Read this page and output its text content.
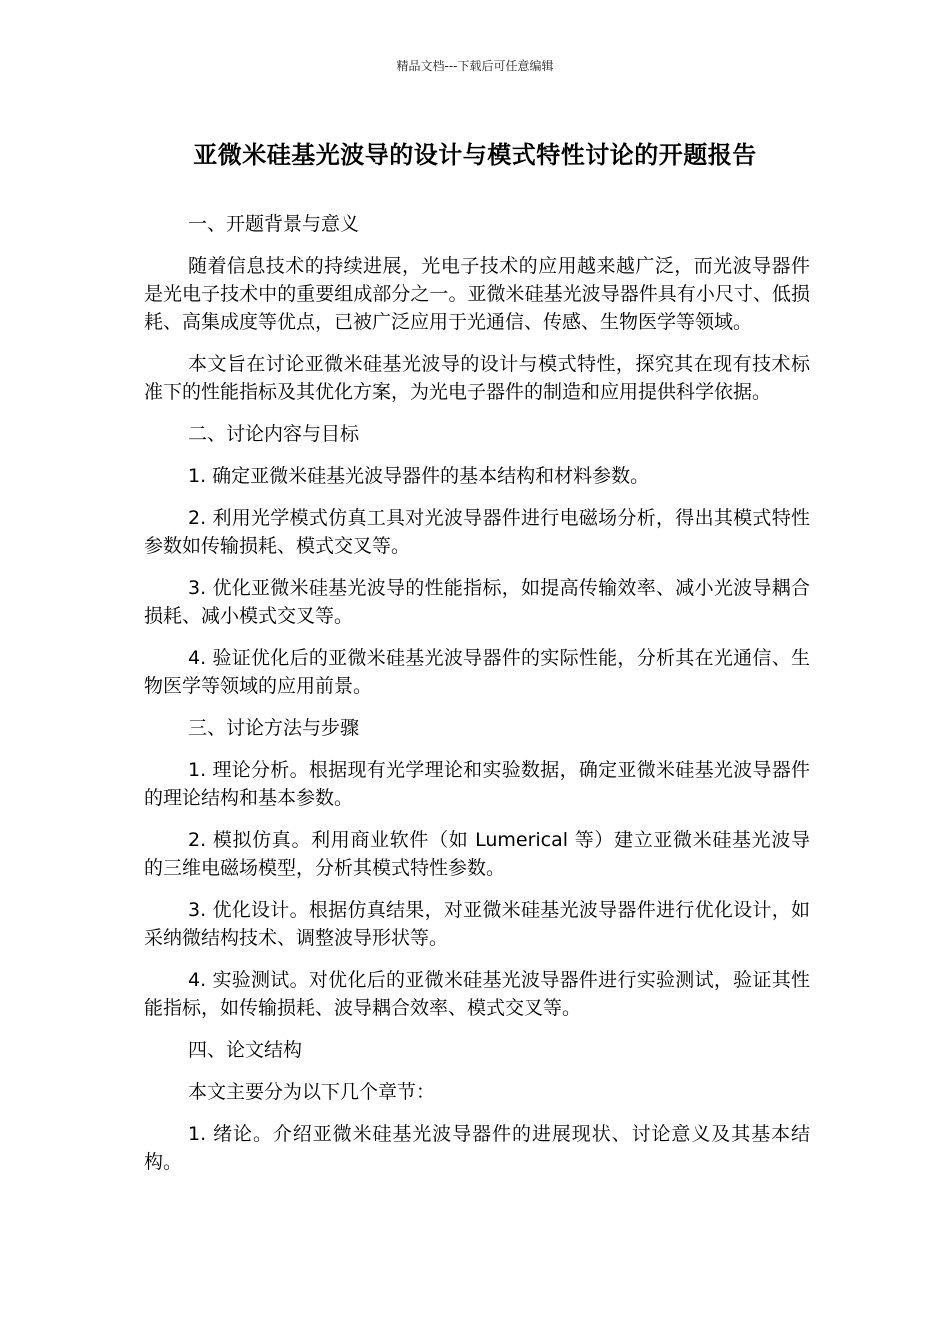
精品文档---下载后可任意编辑
亚微米硅基光波导的设计与模式特性讨论的开题报告

一、开题背景与意义

随着信息技术的持续进展，光电子技术的应用越来越广泛，而光波导器件是光电子技术中的重要组成部分之一。亚微米硅基光波导器件具有小尺寸、低损耗、高集成度等优点，已被广泛应用于光通信、传感、生物医学等领域。

本文旨在讨论亚微米硅基光波导的设计与模式特性，探究其在现有技术标准下的性能指标及其优化方案，为光电子器件的制造和应用提供科学依据。

二、讨论内容与目标

1. 确定亚微米硅基光波导器件的基本结构和材料参数。

2. 利用光学模式仿真工具对光波导器件进行电磁场分析，得出其模式特性参数如传输损耗、模式交叉等。

3. 优化亚微米硅基光波导的性能指标，如提高传输效率、减小光波导耦合损耗、减小模式交叉等。

4. 验证优化后的亚微米硅基光波导器件的实际性能，分析其在光通信、生物医学等领域的应用前景。

三、讨论方法与步骤

1. 理论分析。根据现有光学理论和实验数据，确定亚微米硅基光波导器件的理论结构和基本参数。

2. 模拟仿真。利用商业软件（如 Lumerical 等）建立亚微米硅基光波导的三维电磁场模型，分析其模式特性参数。

3. 优化设计。根据仿真结果，对亚微米硅基光波导器件进行优化设计，如采纳微结构技术、调整波导形状等。

4. 实验测试。对优化后的亚微米硅基光波导器件进行实验测试，验证其性能指标，如传输损耗、波导耦合效率、模式交叉等。

四、论文结构

本文主要分为以下几个章节：

1. 绪论。介绍亚微米硅基光波导器件的进展现状、讨论意义及其基本结构。
